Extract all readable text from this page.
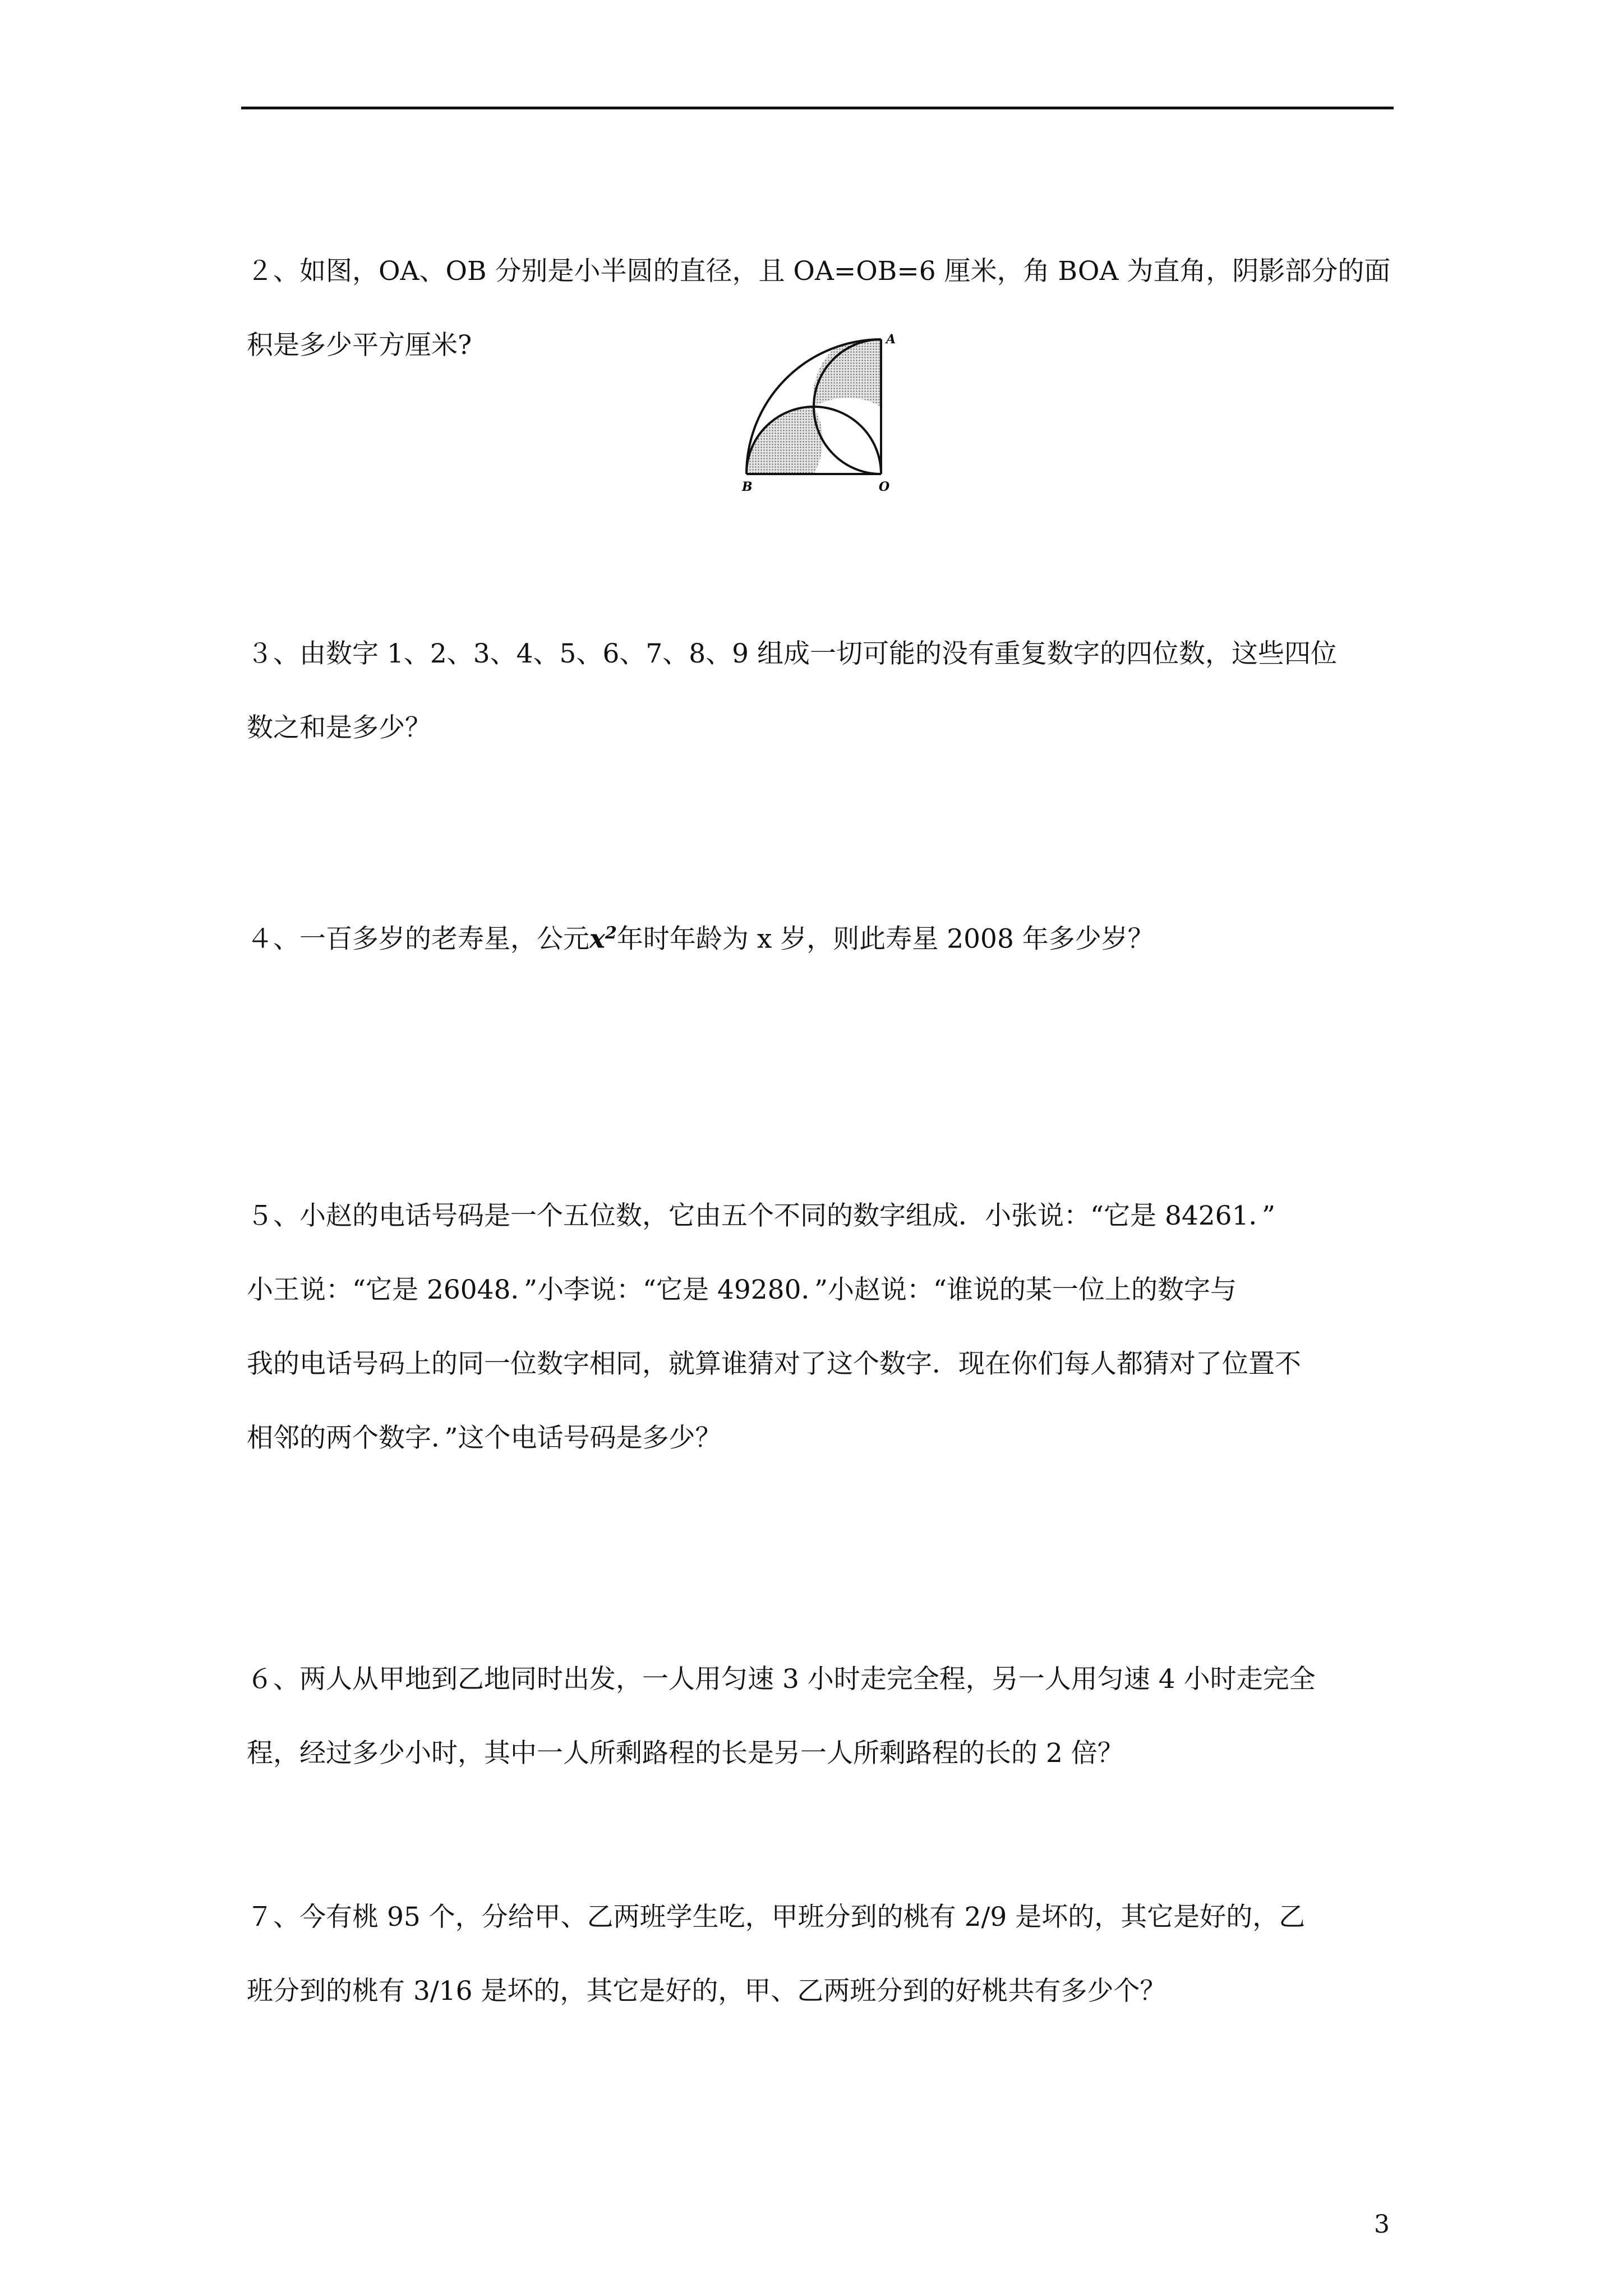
２、如图，OA、OB 分别是小半圆的直径，且 OA=OB=6 厘米，角 BOA 为直角，阴影部分的面
积是多少平方厘米?	A
B	O
３、由数字 1、2、3、4、5、6、7、8、9 组成一切可能的没有重复数字的四位数，这些四位
数之和是多少？
４、一百多岁的老寿星，公元$x^2$年时年龄为 x 岁，则此寿星 2008 年多少岁？
５、小赵的电话号码是一个五位数，它由五个不同的数字组成．小张说：“它是 84261．”
小王说：“它是 26048．”小李说：“它是 49280．”小赵说：“谁说的某一位上的数字与
我的电话号码上的同一位数字相同，就算谁猜对了这个数字．现在你们每人都猜对了位置不
相邻的两个数字．”这个电话号码是多少？
６、两人从甲地到乙地同时出发，一人用匀速 3 小时走完全程，另一人用匀速 4 小时走完全
程，经过多少小时，其中一人所剩路程的长是另一人所剩路程的长的 2 倍？
７、今有桃 95 个，分给甲、乙两班学生吃，甲班分到的桃有 2/9 是坏的，其它是好的，乙
班分到的桃有 3/16 是坏的，其它是好的，甲、乙两班分到的好桃共有多少个？
3
